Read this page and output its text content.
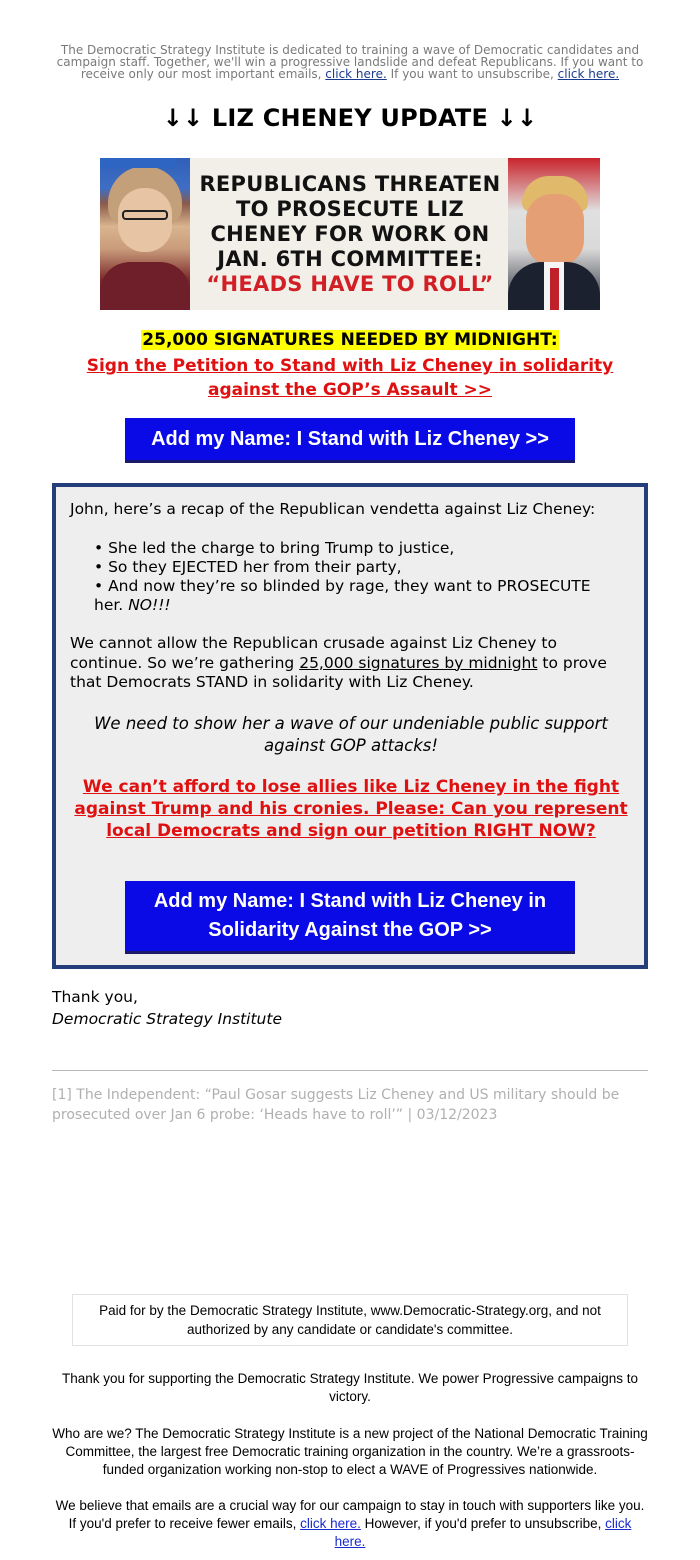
The Democratic Strategy Institute is dedicated to training a wave of Democratic candidates and campaign staff. Together, we'll win a progressive landslide and defeat Republicans. If you want to receive only our most important emails, click here. If you want to unsubscribe, click here.
↓↓ LIZ CHENEY UPDATE ↓↓
REPUBLICANS THREATEN TO PROSECUTE LIZ CHENEY FOR WORK ON JAN. 6TH COMMITTEE:
“HEADS HAVE TO ROLL”
25,000 SIGNATURES NEEDED BY MIDNIGHT:
Sign the Petition to Stand with Liz Cheney in solidarity against the GOP’s Assault >>
Add my Name: I Stand with Liz Cheney >>
John, here’s a recap of the Republican vendetta against Liz Cheney:
• She led the charge to bring Trump to justice,
• So they EJECTED her from their party,
• And now they’re so blinded by rage, they want to PROSECUTE
her. NO!!!
We cannot allow the Republican crusade against Liz Cheney to continue. So we’re gathering 25,000 signatures by midnight to prove that Democrats STAND in solidarity with Liz Cheney.
We need to show her a wave of our undeniable public support against GOP attacks!
We can’t afford to lose allies like Liz Cheney in the fight against Trump and his cronies. Please: Can you represent local Democrats and sign our petition RIGHT NOW?
Add my Name: I Stand with Liz Cheney in
Solidarity Against the GOP >>
Thank you,
Democratic Strategy Institute
[1] The Independent: “Paul Gosar suggests Liz Cheney and US military should be prosecuted over Jan 6 probe: ‘Heads have to roll’” | 03/12/2023
Paid for by the Democratic Strategy Institute, www.Democratic-Strategy.org, and not authorized by any candidate or candidate's committee.
Thank you for supporting the Democratic Strategy Institute. We power Progressive campaigns to victory.
Who are we? The Democratic Strategy Institute is a new project of the National Democratic Training Committee, the largest free Democratic training organization in the country. We’re a grassroots-funded organization working non-stop to elect a WAVE of Progressives nationwide.
We believe that emails are a crucial way for our campaign to stay in touch with supporters like you. If you'd prefer to receive fewer emails, click here. However, if you'd prefer to unsubscribe, click here.
